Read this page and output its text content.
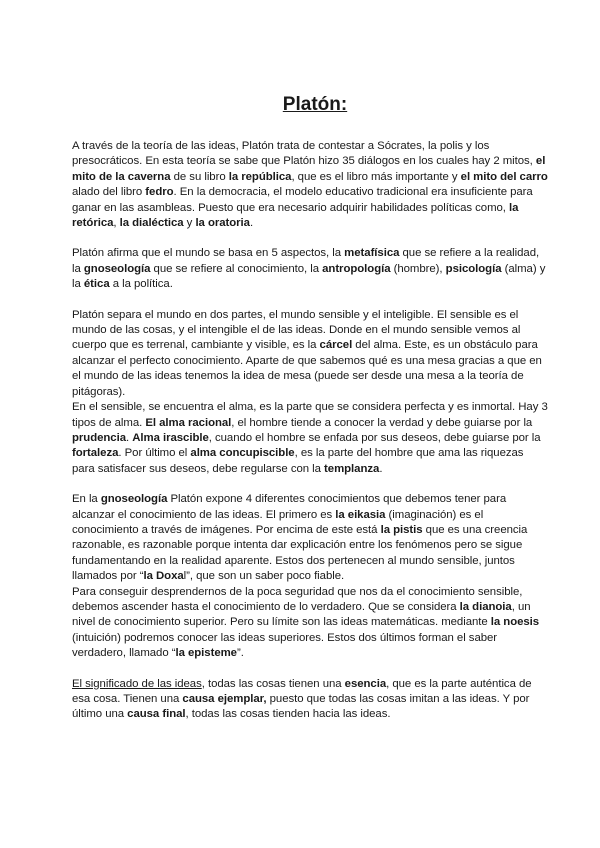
Platón:

A través de la teoría de las ideas, Platón trata de contestar a Sócrates, la polis y los presocráticos. En esta teoría se sabe que Platón hizo 35 diálogos en los cuales hay 2 mitos, el mito de la caverna de su libro la república, que es el libro más importante y el mito del carro alado del libro fedro. En la democracia, el modelo educativo tradicional era insuficiente para ganar en las asambleas. Puesto que era necesario adquirir habilidades políticas como, la retórica, la dialéctica y la oratoria.

Platón afirma que el mundo se basa en 5 aspectos, la metafísica que se refiere a la realidad, la gnoseología que se refiere al conocimiento, la antropología (hombre), psicología (alma) y la ética a la política.

Platón separa el mundo en dos partes, el mundo sensible y el inteligible. El sensible es el mundo de las cosas, y el intengible el de las ideas. Donde en el mundo sensible vemos al cuerpo que es terrenal, cambiante y visible, es la cárcel del alma. Este, es un obstáculo para alcanzar el perfecto conocimiento. Aparte de que sabemos qué es una mesa gracias a que en el mundo de las ideas tenemos la idea de mesa (puede ser desde una mesa a la teoría de pitágoras).

En el sensible, se encuentra el alma, es la parte que se considera perfecta y es inmortal. Hay 3 tipos de alma. El alma racional, el hombre tiende a conocer la verdad y debe guiarse por la prudencia. Alma irascible, cuando el hombre se enfada por sus deseos, debe guiarse por la fortaleza. Por último el alma concupiscible, es la parte del hombre que ama las riquezas para satisfacer sus deseos, debe regularse con la templanza.

En la gnoseología Platón expone 4 diferentes conocimientos que debemos tener para alcanzar el conocimiento de las ideas. El primero es la eikasia (imaginación) es el conocimiento a través de imágenes. Por encima de este está la pistis que es una creencia razonable, es razonable porque intenta dar explicación entre los fenómenos pero se sigue fundamentando en la realidad aparente. Estos dos pertenecen al mundo sensible, juntos llamados por “la Doxal”, que son un saber poco fiable.

Para conseguir desprendernos de la poca seguridad que nos da el conocimiento sensible, debemos ascender hasta el conocimiento de lo verdadero. Que se considera la dianoia, un nivel de conocimiento superior. Pero su límite son las ideas matemáticas. mediante la noesis (intuición) podremos conocer las ideas superiores. Estos dos últimos forman el saber verdadero, llamado “la episteme”.

El significado de las ideas, todas las cosas tienen una esencia, que es la parte auténtica de esa cosa. Tienen una causa ejemplar, puesto que todas las cosas imitan a las ideas. Y por último una causa final, todas las cosas tienden hacia las ideas.
